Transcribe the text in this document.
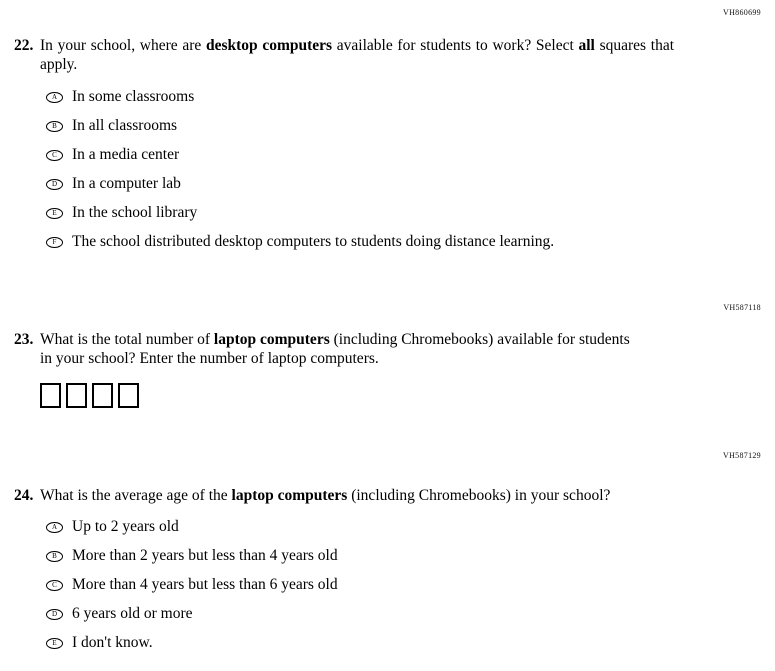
VH860699
22. In your school, where are desktop computers available for students to work? Select all squares that apply.

A In some classrooms
B In all classrooms
C In a media center
D In a computer lab
E In the school library
F The school distributed desktop computers to students doing distance learning.
VH587118
23. What is the total number of laptop computers (including Chromebooks) available for students in your school? Enter the number of laptop computers.

VH587129
24. What is the average age of the laptop computers (including Chromebooks) in your school?

A Up to 2 years old
B More than 2 years but less than 4 years old
C More than 4 years but less than 6 years old
D 6 years old or more
E I don't know.
